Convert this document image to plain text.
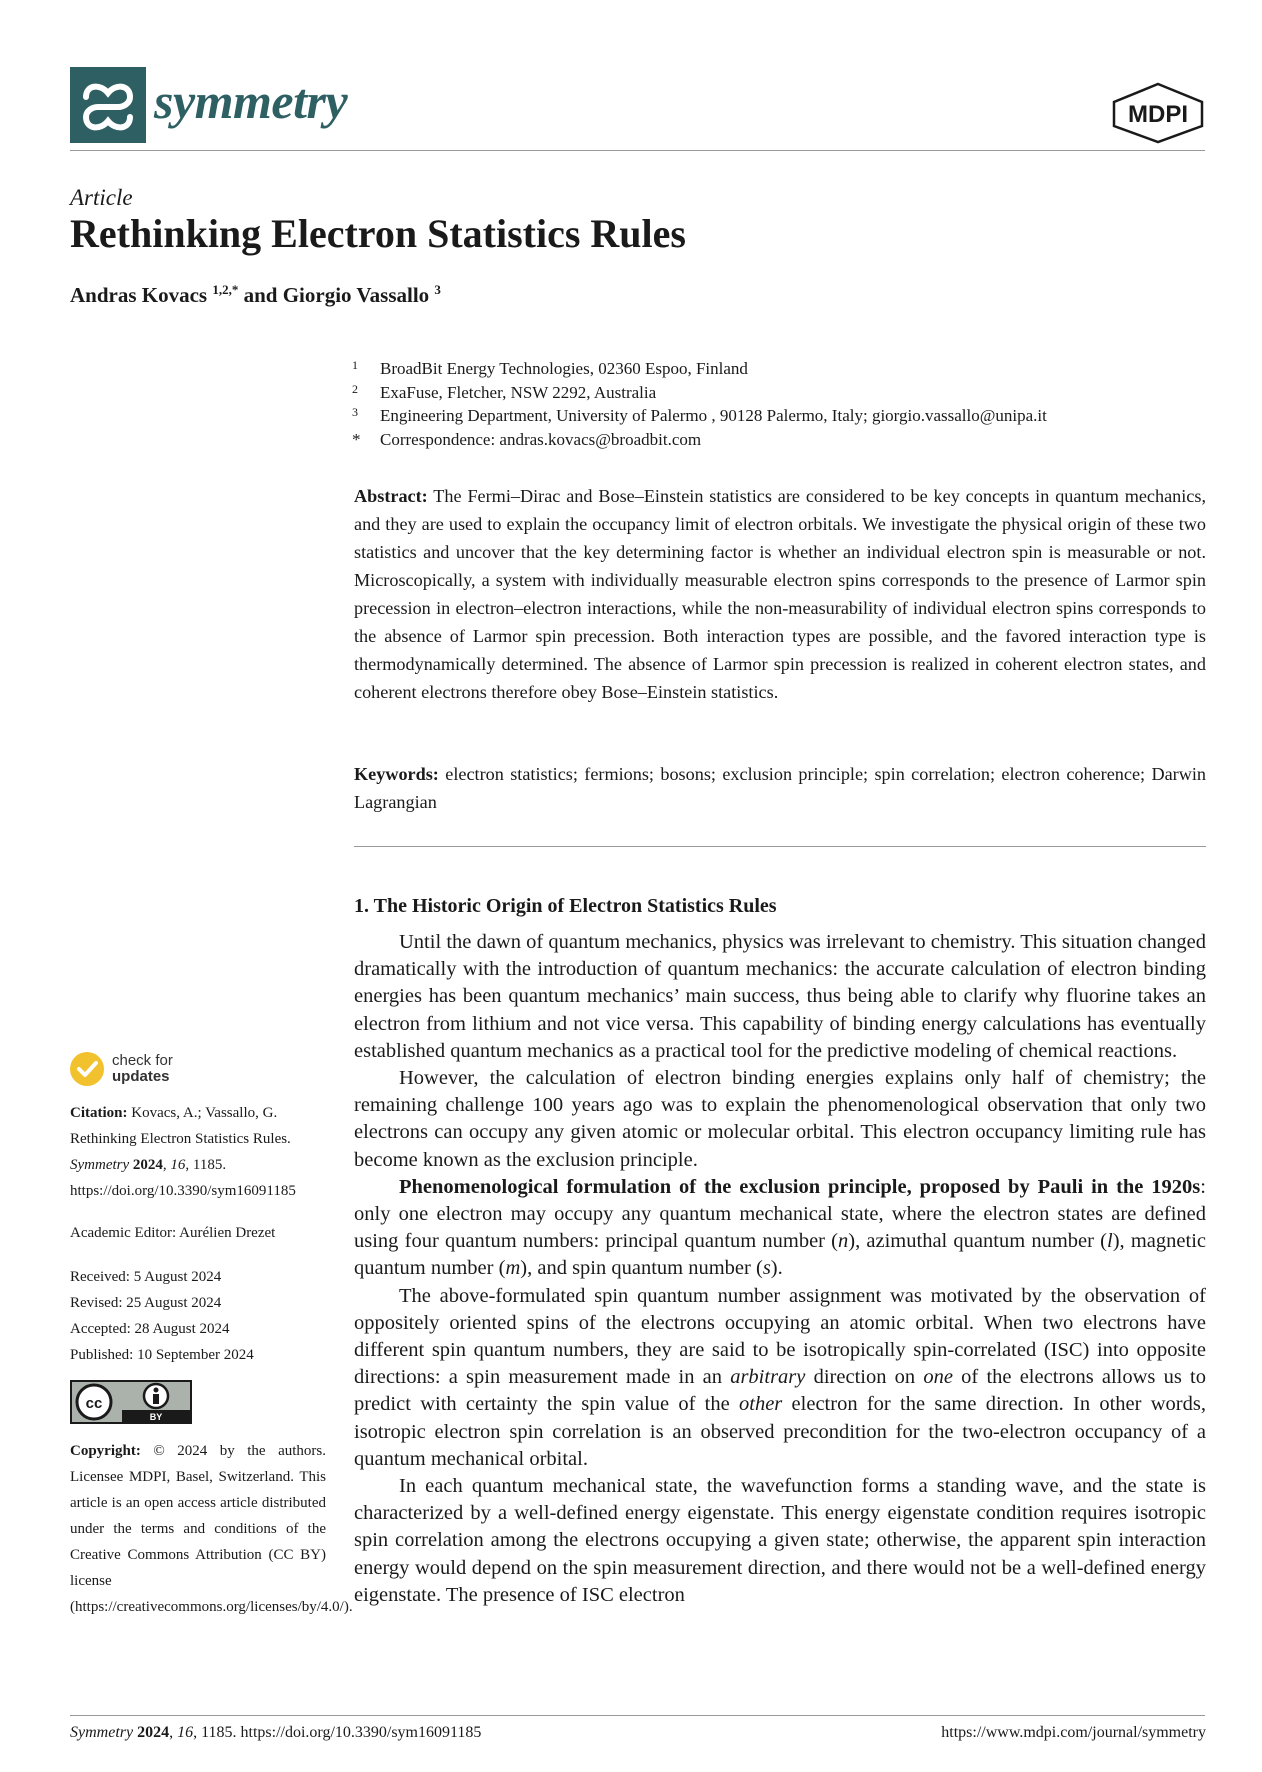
symmetry	MDPI
Article
Rethinking Electron Statistics Rules
Andras Kovacs $^{1,2,*}$ and Giorgio Vassallo $^3$
1	BroadBit Energy Technologies, 02360 Espoo, Finland
2	ExaFuse, Fletcher, NSW 2292, Australia
3	Engineering Department, University of Palermo , 90128 Palermo, Italy; giorgio.vassallo@unipa.it
*	Correspondence: andras.kovacs@broadbit.com

Abstract: The Fermi–Dirac and Bose–Einstein statistics are considered to be key concepts in quantum mechanics, and they are used to explain the occupancy limit of electron orbitals. We investigate the physical origin of these two statistics and uncover that the key determining factor is whether an individual electron spin is measurable or not. Microscopically, a system with individually measurable electron spins corresponds to the presence of Larmor spin precession in electron–electron interactions, while the non-measurability of individual electron spins corresponds to the absence of Larmor spin precession. Both interaction types are possible, and the favored interaction type is thermodynamically determined. The absence of Larmor spin precession is realized in coherent electron states, and coherent electrons therefore obey Bose–Einstein statistics.

Keywords: electron statistics; fermions; bosons; exclusion principle; spin correlation; electron coherence; Darwin Lagrangian

1. The Historic Origin of Electron Statistics Rules

Until the dawn of quantum mechanics, physics was irrelevant to chemistry. This situation changed dramatically with the introduction of quantum mechanics: the accurate calculation of electron binding energies has been quantum mechanics’ main success, thus being able to clarify why fluorine takes an electron from lithium and not vice versa. This capability of binding energy calculations has eventually established quantum mechanics as a practical tool for the predictive modeling of chemical reactions.

However, the calculation of electron binding energies explains only half of chemistry; the remaining challenge 100 years ago was to explain the phenomenological observation that only two electrons can occupy any given atomic or molecular orbital. This electron occupancy limiting rule has become known as the exclusion principle.

Phenomenological formulation of the exclusion principle, proposed by Pauli in the 1920s: only one electron may occupy any quantum mechanical state, where the electron states are defined using four quantum numbers: principal quantum number (n), azimuthal quantum number (l), magnetic quantum number (m), and spin quantum number (s).

The above-formulated spin quantum number assignment was motivated by the observation of oppositely oriented spins of the electrons occupying an atomic orbital. When two electrons have different spin quantum numbers, they are said to be isotropically spin-correlated (ISC) into opposite directions: a spin measurement made in an arbitrary direction on one of the electrons allows us to predict with certainty the spin value of the other electron for the same direction. In other words, isotropic electron spin correlation is an observed precondition for the two-electron occupancy of a quantum mechanical orbital.

In each quantum mechanical state, the wavefunction forms a standing wave, and the state is characterized by a well-defined energy eigenstate. This energy eigenstate condition requires isotropic spin correlation among the electrons occupying a given state; otherwise, the apparent spin interaction energy would depend on the spin measurement direction, and there would not be a well-defined energy eigenstate. The presence of ISC electron

check for
updates

Citation: Kovacs, A.; Vassallo, G. Rethinking Electron Statistics Rules. Symmetry 2024, 16, 1185. https://doi.org/10.3390/sym16091185

Academic Editor: Aurélien Drezet

Received: 5 August 2024
Revised: 25 August 2024
Accepted: 28 August 2024
Published: 10 September 2024
cc
BY

Copyright: © 2024 by the authors. Licensee MDPI, Basel, Switzerland. This article is an open access article distributed under the terms and conditions of the Creative Commons Attribution (CC BY) license (https://creativecommons.org/licenses/by/4.0/).

Symmetry 2024, 16, 1185. https://doi.org/10.3390/sym16091185	https://www.mdpi.com/journal/symmetry
